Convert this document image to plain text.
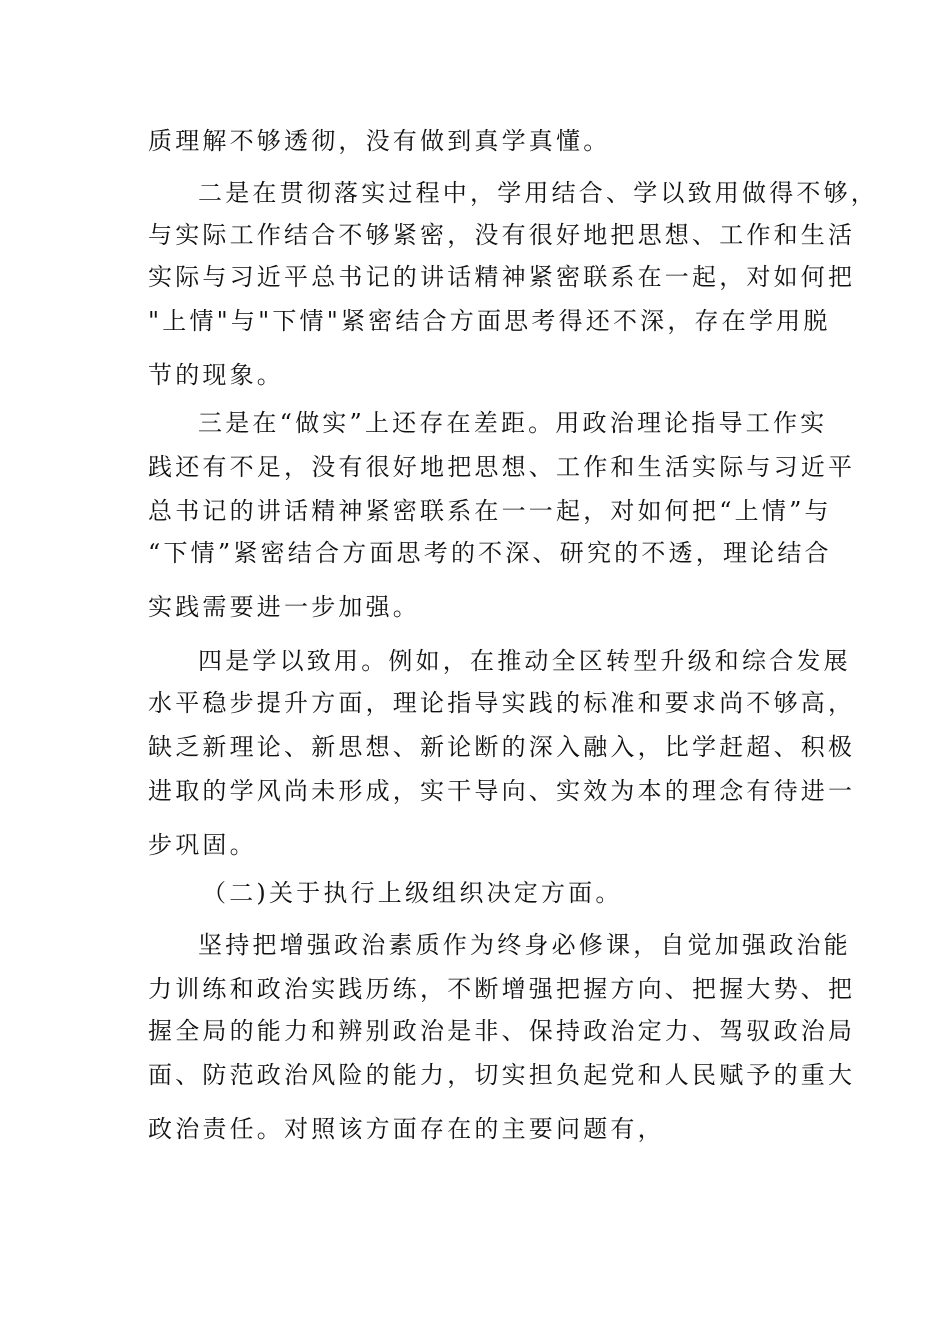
质理解不够透彻，没有做到真学真懂。
二是在贯彻落实过程中，学用结合、学以致用做得不够，
与实际工作结合不够紧密，没有很好地把思想、工作和生活
实际与习近平总书记的讲话精神紧密联系在一起，对如何把
"上情"与"下情"紧密结合方面思考得还不深，存在学用脱
节的现象。
三是在“做实”上还存在差距。用政治理论指导工作实
践还有不足，没有很好地把思想、工作和生活实际与习近平
总书记的讲话精神紧密联系在一一起，对如何把“上情”与
“下情”紧密结合方面思考的不深、研究的不透，理论结合
实践需要进一步加强。
四是学以致用。例如，在推动全区转型升级和综合发展
水平稳步提升方面，理论指导实践的标准和要求尚不够高，
缺乏新理论、新思想、新论断的深入融入，比学赶超、积极
进取的学风尚未形成，实干导向、实效为本的理念有待进一
步巩固。
（二)关于执行上级组织决定方面。
坚持把增强政治素质作为终身必修课，自觉加强政治能
力训练和政治实践历练，不断增强把握方向、把握大势、把
握全局的能力和辨别政治是非、保持政治定力、驾驭政治局
面、防范政治风险的能力，切实担负起党和人民赋予的重大
政治责任。对照该方面存在的主要问题有，
